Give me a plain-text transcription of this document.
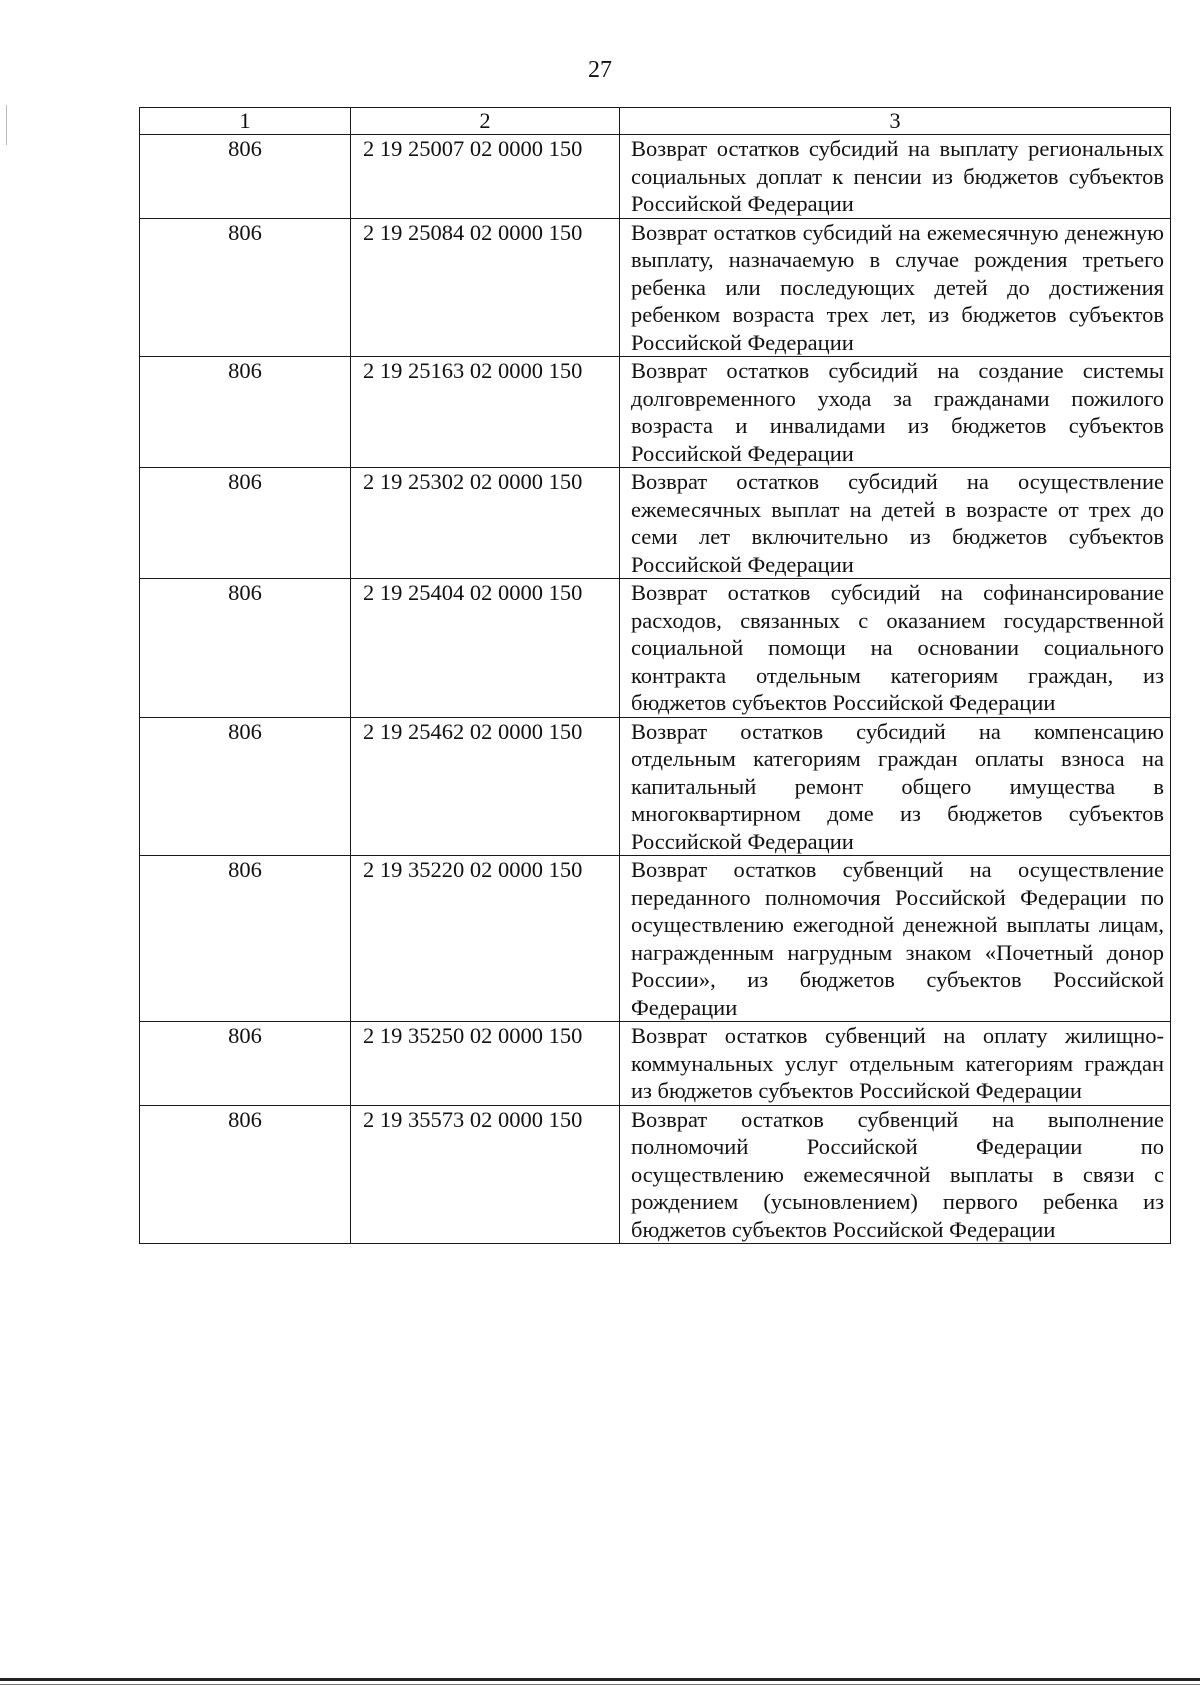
27
1	2	3
806	2 19 25007 02 0000 150	Возврат остатков субсидий на выплату региональных социальных доплат к пенсии из бюджетов субъектов Российской Федерации
806	2 19 25084 02 0000 150	Возврат остатков субсидий на ежемесячную денежную выплату, назначаемую в случае рождения третьего ребенка или последующих детей до достижения ребенком возраста трех лет, из бюджетов субъектов Российской Федерации
806	2 19 25163 02 0000 150	Возврат остатков субсидий на создание системы долговременного ухода за гражданами пожилого возраста и инвалидами из бюджетов субъектов Российской Федерации
806	2 19 25302 02 0000 150	Возврат остатков субсидий на осуществление ежемесячных выплат на детей в возрасте от трех до семи лет включительно из бюджетов субъектов Российской Федерации
806	2 19 25404 02 0000 150	Возврат остатков субсидий на софинансирование расходов, связанных с оказанием государственной социальной помощи на основании социального контракта отдельным категориям граждан, из бюджетов субъектов Российской Федерации
806	2 19 25462 02 0000 150	Возврат остатков субсидий на компенсацию отдельным категориям граждан оплаты взноса на капитальный ремонт общего имущества в многоквартирном доме из бюджетов субъектов Российской Федерации
806	2 19 35220 02 0000 150	Возврат остатков субвенций на осуществление переданного полномочия Российской Федерации по осуществлению ежегодной денежной выплаты лицам, награжденным нагрудным знаком «Почетный донор России», из бюджетов субъектов Российской Федерации
806	2 19 35250 02 0000 150	Возврат остатков субвенций на оплату жилищно-коммунальных услуг отдельным категориям граждан из бюджетов субъектов Российской Федерации
806	2 19 35573 02 0000 150	Возврат остатков субвенций на выполнение полномочий Российской Федерации по осуществлению ежемесячной выплаты в связи с рождением (усыновлением) первого ребенка из бюджетов субъектов Российской Федерации
